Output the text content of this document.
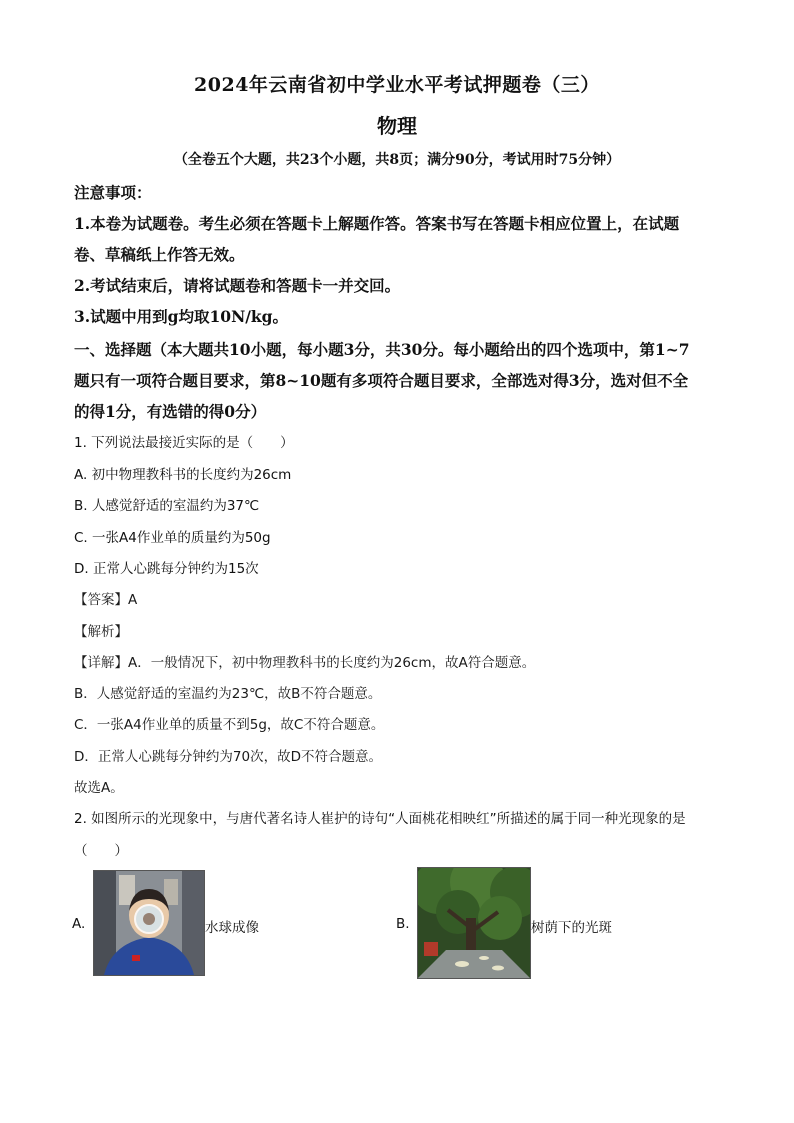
2024年云南省初中学业水平考试押题卷（三）
物理
（全卷五个大题，共23个小题，共8页；满分90分，考试用时75分钟）
注意事项：
1.本卷为试题卷。考生必须在答题卡上解题作答。答案书写在答题卡相应位置上，在试题
卷、草稿纸上作答无效。
2.考试结束后，请将试题卷和答题卡一并交回。
3.试题中用到g均取10N/kg。
一、选择题（本大题共10小题，每小题3分，共30分。每小题给出的四个选项中，第1~7
题只有一项符合题目要求，第8~10题有多项符合题目要求，全部选对得3分，选对但不全
的得1分，有选错的得0分）
1. 下列说法最接近实际的是（　　）
A. 初中物理教科书的长度约为26cm
B. 人感觉舒适的室温约为37℃
C. 一张A4作业单的质量约为50g
D. 正常人心跳每分钟约为15次
【答案】A
【解析】
【详解】A．一般情况下，初中物理教科书的长度约为26cm，故A符合题意。
B．人感觉舒适的室温约为23℃，故B不符合题意。
C．一张A4作业单的质量不到5g，故C不符合题意。
D．正常人心跳每分钟约为70次，故D不符合题意。
故选A。
2. 如图所示的光现象中，与唐代著名诗人崔护的诗句“人面桃花相映红”所描述的属于同一种光现象的是
（　　）
A.	水球成像	B.	树荫下的光斑
